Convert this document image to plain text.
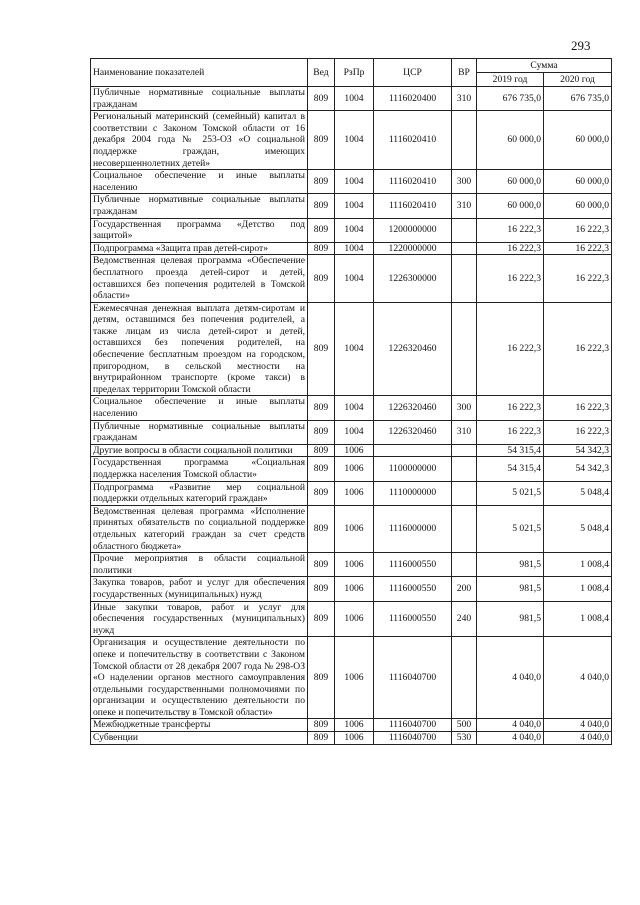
293
Наименование показателей	Вед	РзПр	ЦСР	ВР	Сумма	
					2019 год	2020 год
Публичные нормативные социальные выплаты гражданам	809	1004	1116020400	310	676 735,0	676 735,0
Региональный материнский (семейный) капитал в соответствии с Законом Томской области от 16 декабря 2004 года № 253-ОЗ «О социальной поддержке граждан, имеющих несовершеннолетних детей»	809	1004	1116020410		60 000,0	60 000,0
Социальное обеспечение и иные выплаты населению	809	1004	1116020410	300	60 000,0	60 000,0
Публичные нормативные социальные выплаты гражданам	809	1004	1116020410	310	60 000,0	60 000,0
Государственная программа «Детство под защитой»	809	1004	1200000000		16 222,3	16 222,3
Подпрограмма «Защита прав детей-сирот»	809	1004	1220000000		16 222,3	16 222,3
Ведомственная целевая программа «Обеспечение бесплатного проезда детей-сирот и детей, оставшихся без попечения родителей в Томской области»	809	1004	1226300000		16 222,3	16 222,3
Ежемесячная денежная выплата детям-сиротам и детям, оставшимся без попечения родителей, а также лицам из числа детей-сирот и детей, оставшихся без попечения родителей, на обеспечение бесплатным проездом на городском, пригородном, в сельской местности на внутрирайонном транспорте (кроме такси) в пределах территории Томской области	809	1004	1226320460		16 222,3	16 222,3
Социальное обеспечение и иные выплаты населению	809	1004	1226320460	300	16 222,3	16 222,3
Публичные нормативные социальные выплаты гражданам	809	1004	1226320460	310	16 222,3	16 222,3
Другие вопросы в области социальной политики	809	1006			54 315,4	54 342,3
Государственная программа «Социальная поддержка населения Томской области»	809	1006	1100000000		54 315,4	54 342,3
Подпрограмма «Развитие мер социальной поддержки отдельных категорий граждан»	809	1006	1110000000		5 021,5	5 048,4
Ведомственная целевая программа «Исполнение принятых обязательств по социальной поддержке отдельных категорий граждан за счет средств областного бюджета»	809	1006	1116000000		5 021,5	5 048,4
Прочие мероприятия в области социальной политики	809	1006	1116000550		981,5	1 008,4
Закупка товаров, работ и услуг для обеспечения государственных (муниципальных) нужд	809	1006	1116000550	200	981,5	1 008,4
Иные закупки товаров, работ и услуг для обеспечения государственных (муниципальных) нужд	809	1006	1116000550	240	981,5	1 008,4
Организация и осуществление деятельности по опеке и попечительству в соответствии с Законом Томской области от 28 декабря 2007 года № 298-ОЗ «О наделении органов местного самоуправления отдельными государственными полномочиями по организации и осуществлению деятельности по опеке и попечительству в Томской области»	809	1006	1116040700		4 040,0	4 040,0
Межбюджетные трансферты	809	1006	1116040700	500	4 040,0	4 040,0
Субвенции	809	1006	1116040700	530	4 040,0	4 040,0
